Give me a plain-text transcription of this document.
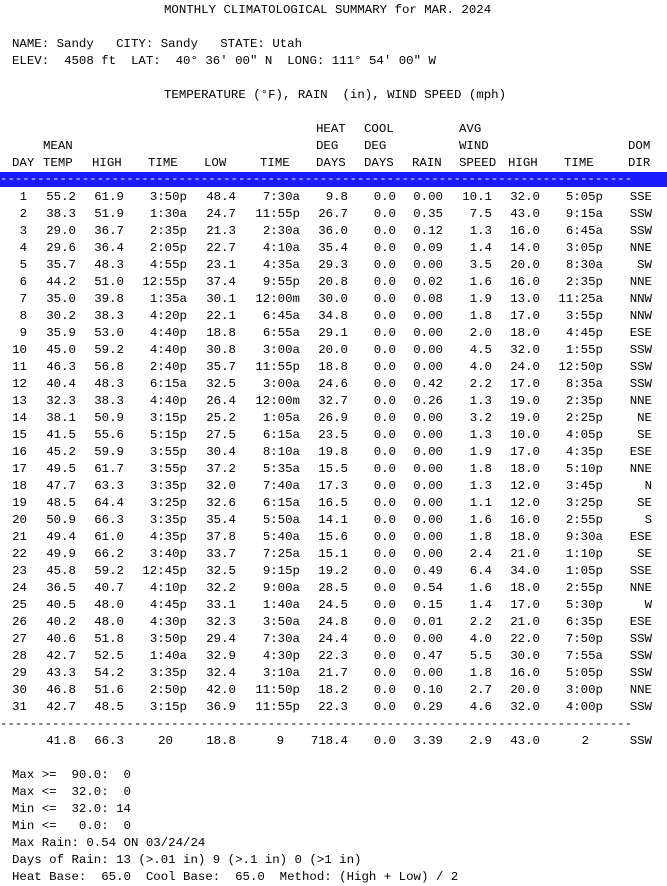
MONTHLY CLIMATOLOGICAL SUMMARY for MAR. 2024
NAME: Sandy CITY: Sandy STATE: Utah
ELEV: 4508 ft LAT: 40° 36' 00" N LONG: 111° 54' 00" W
TEMPERATURE (°F), RAIN  (in), WIND SPEED (mph)
HEAT COOL	AVG
MEAN	DEG DEG	WIND	DOM
DAY TEMP HIGH TIME LOW	TIME DAYS DAYS RAIN SPEED HIGH TIME	DIR
-------------------------------------------------------------------------------------
1 55.2 61.9 3:50p 48.4 7:30a 9.8 0.0 0.00 10.1 32.0 5:05p SSE
2 38.3 51.9 1:30a 24.7 11:55p 26.7 0.0 0.35 7.5 43.0 9:15a SSW
3 29.0 36.7 2:35p 21.3 2:30a 36.0 0.0 0.12 1.3 16.0 6:45a SSW
4 29.6 36.4 2:05p 22.7 4:10a 35.4 0.0 0.09 1.4 14.0 3:05p NNE
5 35.7 48.3 4:55p 23.1 4:35a 29.3 0.0 0.00 3.5 20.0 8:30a	SW
6 44.2 51.0 12:55p 37.4 9:55p 20.8 0.0 0.02 1.6 16.0 2:35p NNE
7 35.0 39.8 1:35a 30.1 12:00m 30.0 0.0 0.08 1.9 13.0 11:25a NNW
8 30.2 38.3 4:20p 22.1 6:45a 34.8 0.0 0.00 1.8 17.0 3:55p NNW
9 35.9 53.0 4:40p 18.8 6:55a 29.1 0.0 0.00 2.0 18.0 4:45p ESE
10 45.0 59.2 4:40p 30.8 3:00a 20.0 0.0 0.00 4.5 32.0 1:55p SSW
11 46.3 56.8 2:40p 35.7 11:55p 18.8 0.0 0.00 4.0 24.0 12:50p SSW
12 40.4 48.3 6:15a 32.5 3:00a 24.6 0.0 0.42 2.2 17.0 8:35a SSW
13 32.3 38.3 4:40p 26.4 12:00m 32.7 0.0 0.26 1.3 19.0 2:35p NNE
14 38.1 50.9 3:15p 25.2 1:05a 26.9 0.0 0.00 3.2 19.0 2:25p	NE
15 41.5 55.6 5:15p 27.5 6:15a 23.5 0.0 0.00 1.3 10.0 4:05p	SE
16 45.2 59.9 3:55p 30.4 8:10a 19.8 0.0 0.00 1.9 17.0 4:35p ESE
17 49.5 61.7 3:55p 37.2 5:35a 15.5 0.0 0.00 1.8 18.0 5:10p NNE
18 47.7 63.3 3:35p 32.0 7:40a 17.3 0.0 0.00 1.3 12.0 3:45p	N
19 48.5 64.4 3:25p 32.6 6:15a 16.5 0.0 0.00 1.1 12.0 3:25p	SE
20 50.9 66.3 3:35p 35.4 5:50a 14.1 0.0 0.00 1.6 16.0 2:55p	S
21 49.4 61.0 4:35p 37.8 5:40a 15.6 0.0 0.00 1.8 18.0 9:30a ESE
22 49.9 66.2 3:40p 33.7 7:25a 15.1 0.0 0.00 2.4 21.0 1:10p	SE
23 45.8 59.2 12:45p 32.5 9:15p 19.2 0.0 0.49 6.4 34.0 1:05p SSE
24 36.5 40.7 4:10p 32.2 9:00a 28.5 0.0 0.54 1.6 18.0 2:55p NNE
25 40.5 48.0 4:45p 33.1 1:40a 24.5 0.0 0.15 1.4 17.0 5:30p	W
26 40.2 48.0 4:30p 32.3 3:50a 24.8 0.0 0.01 2.2 21.0 6:35p ESE
27 40.6 51.8 3:50p 29.4 7:30a 24.4 0.0 0.00 4.0 22.0 7:50p SSW
28 42.7 52.5 1:40a 32.9 4:30p 22.3 0.0 0.47 5.5 30.0 7:55a SSW
29 43.3 54.2 3:35p 32.4 3:10a 21.7 0.0 0.00 1.8 16.0 5:05p SSW
30 46.8 51.6 2:50p 42.0 11:50p 18.2 0.0 0.10 2.7 20.0 3:00p NNE
31 42.7 48.5 3:15p 36.9 11:55p 22.3 0.0 0.29 4.6 32.0 4:00p SSW
-------------------------------------------------------------------------------------
41.8 66.3	20	18.8	9 718.4 0.0 3.39 2.9 43.0	2	SSW
Max >=  90.0:  0
Max <=  32.0:  0
Min <=  32.0: 14
Min <=   0.0:  0
Max Rain: 0.54 ON 03/24/24
Days of Rain: 13 (>.01 in) 9 (>.1 in) 0 (>1 in)
Heat Base:  65.0  Cool Base:  65.0  Method: (High + Low) / 2
